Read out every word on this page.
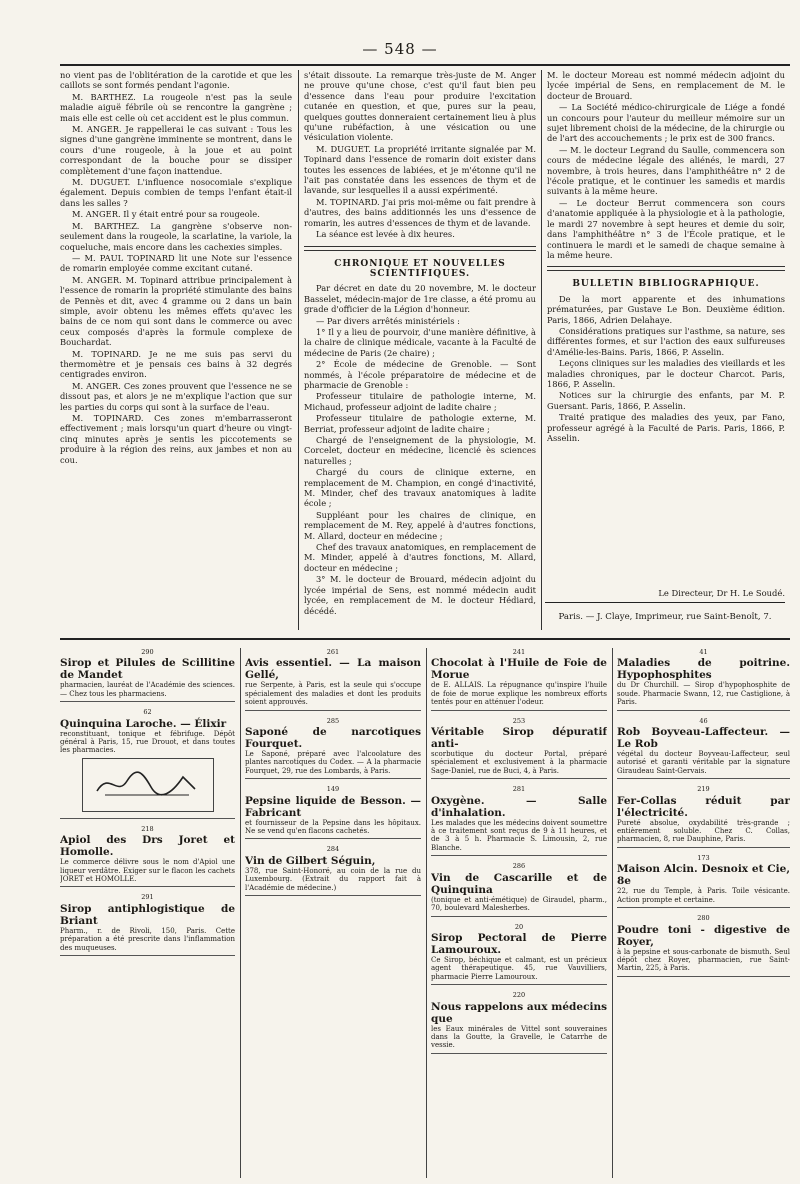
— 548 —

no vient pas de l'oblitération de la carotide et que les caillots se sont formés pendant l'agonie.

M. BARTHEZ. La rougeole n'est pas la seule maladie aiguë fébrile où se rencontre la gangrène ; mais elle est celle où cet accident est le plus commun.

M. ANGER. Je rappellerai le cas suivant : Tous les signes d'une gangrène imminente se montrent, dans le cours d'une rougeole, à la joue et au point correspondant de la bouche pour se dissiper complètement d'une façon inattendue.

M. DUGUET. L'influence nosocomiale s'explique également. Depuis combien de temps l'enfant était-il dans les salles ?

M. ANGER. Il y était entré pour sa rougeole.

M. BARTHEZ. La gangrène s'observe non-seulement dans la rougeole, la scarlatine, la variole, la coqueluche, mais encore dans les cachexies simples.

— M. PAUL TOPINARD lit une Note sur l'essence de romarin employée comme excitant cutané.

M. ANGER. M. Topinard attribue principalement à l'essence de romarin la propriété stimulante des bains de Pennès et dit, avec 4 gramme ou 2 dans un bain simple, avoir obtenu les mêmes effets qu'avec les bains de ce nom qui sont dans le commerce ou avec ceux composés d'après la formule complexe de Bouchardat.

M. TOPINARD. Je ne me suis pas servi du thermomètre et je pensais ces bains à 32 degrés centigrades environ.

M. ANGER. Ces zones prouvent que l'essence ne se dissout pas, et alors je ne m'explique l'action que sur les parties du corps qui sont à la surface de l'eau.

M. TOPINARD. Ces zones m'embarrasseront effectivement ; mais lorsqu'un quart d'heure ou vingt-cinq minutes après je sentis les piccotements se produire à la région des reins, aux jambes et non au cou.

s'était dissoute. La remarque très-juste de M. Anger ne prouve qu'une chose, c'est qu'il faut bien peu d'essence dans l'eau pour produire l'excitation cutanée en question, et que, pures sur la peau, quelques gouttes donneraient certainement lieu à plus qu'une rubéfaction, à une vésication ou une vésiculation violente.

M. DUGUET. La propriété irritante signalée par M. Topinard dans l'essence de romarin doit exister dans toutes les essences de labiées, et je m'étonne qu'il ne l'ait pas constatée dans les essences de thym et de lavande, sur lesquelles il a aussi expérimenté.

M. TOPINARD. J'ai pris moi-même ou fait prendre à d'autres, des bains additionnés les uns d'essence de romarin, les autres d'essences de thym et de lavande.

La séance est levée à dix heures.

CHRONIQUE ET NOUVELLES SCIENTIFIQUES.

Par décret en date du 20 novembre, M. le docteur Basselet, médecin-major de 1re classe, a été promu au grade d'officier de la Légion d'honneur.

— Par divers arrêtés ministériels :

1° Il y a lieu de pourvoir, d'une manière définitive, à la chaire de clinique médicale, vacante à la Faculté de médecine de Paris (2e chaire) ;

2° École de médecine de Grenoble. — Sont nommés, à l'école préparatoire de médecine et de pharmacie de Grenoble :

Professeur titulaire de pathologie interne, M. Michaud, professeur adjoint de ladite chaire ;

Professeur titulaire de pathologie externe, M. Berriat, professeur adjoint de ladite chaire ;

Chargé de l'enseignement de la physiologie, M. Corcelet, docteur en médecine, licencié ès sciences naturelles ;

Chargé du cours de clinique externe, en remplacement de M. Champion, en congé d'inactivité, M. Minder, chef des travaux anatomiques à ladite école ;

Suppléant pour les chaires de clinique, en remplacement de M. Rey, appelé à d'autres fonctions, M. Allard, docteur en médecine ;

Chef des travaux anatomiques, en remplacement de M. Minder, appelé à d'autres fonctions, M. Allard, docteur en médecine ;

3° M. le docteur de Brouard, médecin adjoint du lycée impérial de Sens, est nommé médecin audit lycée, en remplacement de M. le docteur Hédiard, décédé.

M. le docteur Moreau est nommé médecin adjoint du lycée impérial de Sens, en remplacement de M. le docteur de Brouard.

— La Société médico-chirurgicale de Liége a fondé un concours pour l'auteur du meilleur mémoire sur un sujet librement choisi de la médecine, de la chirurgie ou de l'art des accouchements ; le prix est de 300 francs.

— M. le docteur Legrand du Saulle, commencera son cours de médecine légale des aliénés, le mardi, 27 novembre, à trois heures, dans l'amphithéâtre n° 2 de l'école pratique, et le continuer les samedis et mardis suivants à la même heure.

— Le docteur Berrut commencera son cours d'anatomie appliquée à la physiologie et à la pathologie, le mardi 27 novembre à sept heures et demie du soir, dans l'amphithéâtre n° 3 de l'École pratique, et le continuera le mardi et le samedi de chaque semaine à la même heure.

BULLETIN BIBLIOGRAPHIQUE.

De la mort apparente et des inhumations prématurées, par Gustave Le Bon. Deuxième édition. Paris, 1866, Adrien Delahaye.

Considérations pratiques sur l'asthme, sa nature, ses différentes formes, et sur l'action des eaux sulfureuses d'Amélie-les-Bains. Paris, 1866, P. Asselin.

Leçons cliniques sur les maladies des vieillards et les maladies chroniques, par le docteur Charcot. Paris, 1866, P. Asselin.

Notices sur la chirurgie des enfants, par M. P. Guersant. Paris, 1866, P. Asselin.

Traité pratique des maladies des yeux, par Fano, professeur agrégé à la Faculté de Paris. Paris, 1866, P. Asselin.

Le Directeur, Dr H. Le Soudé.
Paris. — J. Claye, Imprimeur, rue Saint-Benoît, 7.
290
Sirop et Pilules de Scillitine de Mandet
pharmacien, lauréat de l'Académie des sciences. — Chez tous les pharmaciens.
62
Quinquina Laroche. — Élixir
reconstituant, tonique et fébrifuge. Dépôt général à Paris, 15, rue Drouot, et dans toutes les pharmacies.
218
Apiol des Drs Joret et Homolle.
Le commerce délivre sous le nom d'Apiol une liqueur verdâtre. Exiger sur le flacon les cachets JORET et HOMOLLE.
291
Sirop antiphlogistique de Briant
Pharm., r. de Rivoli, 150, Paris. Cette préparation a été prescrite dans l'inflammation des muqueuses.
261
Avis essentiel. — La maison Gellé,
rue Serpente, à Paris, est la seule qui s'occupe spécialement des maladies et dont les produits soient approuvés.
285
Saponé de narcotiques Fourquet.
Le Saponé, préparé avec l'alcoolature des plantes narcotiques du Codex. — A la pharmacie Fourquet, 29, rue des Lombards, à Paris.
149
Pepsine liquide de Besson. — Fabricant
et fournisseur de la Pepsine dans les hôpitaux. Ne se vend qu'en flacons cachetés.
284
Vin de Gilbert Séguin,
378, rue Saint-Honoré, au coin de la rue du Luxembourg. (Extrait du rapport fait à l'Académie de médecine.)
241
Chocolat à l'Huile de Foie de Morue
de E. ALLAIS. La répugnance qu'inspire l'huile de foie de morue explique les nombreux efforts tentés pour en atténuer l'odeur.
253
Véritable Sirop dépuratif anti-
scorbutique du docteur Portal, préparé spécialement et exclusivement à la pharmacie Sage-Daniel, rue de Buci, 4, à Paris.
281
Oxygène. — Salle d'inhalation.
Les malades que les médecins doivent soumettre à ce traitement sont reçus de 9 à 11 heures, et de 3 à 5 h. Pharmacie S. Limousin, 2, rue Blanche.
286
Vin de Cascarille et de Quinquina
(tonique et anti-émétique) de Giraudel, pharm., 70, boulevard Malesherbes.
20
Sirop Pectoral de Pierre Lamouroux.
Ce Sirop, béchique et calmant, est un précieux agent thérapeutique. 45, rue Vauvilliers, pharmacie Pierre Lamouroux.
220
Nous rappelons aux médecins que
les Eaux minérales de Vittel sont souveraines dans la Goutte, la Gravelle, le Catarrhe de vessie.
41
Maladies de poitrine. Hypophosphites
du Dr Churchill. — Sirop d'hypophosphite de soude. Pharmacie Swann, 12, rue Castiglione, à Paris.
46
Rob Boyveau-Laffecteur. — Le Rob
végétal du docteur Boyveau-Laffecteur, seul autorisé et garanti véritable par la signature Giraudeau Saint-Gervais.
219
Fer-Collas réduit par l'électricité.
Pureté absolue, oxydabilité très-grande ; entièrement soluble. Chez C. Collas, pharmacien, 8, rue Dauphine, Paris.
173
Maison Alcin. Desnoix et Cie, 8e
22, rue du Temple, à Paris. Toile vésicante. Action prompte et certaine.
280
Poudre toni - digestive de Royer,
à la pepsine et sous-carbonate de bismuth. Seul dépôt chez Royer, pharmacien, rue Saint-Martin, 225, à Paris.
